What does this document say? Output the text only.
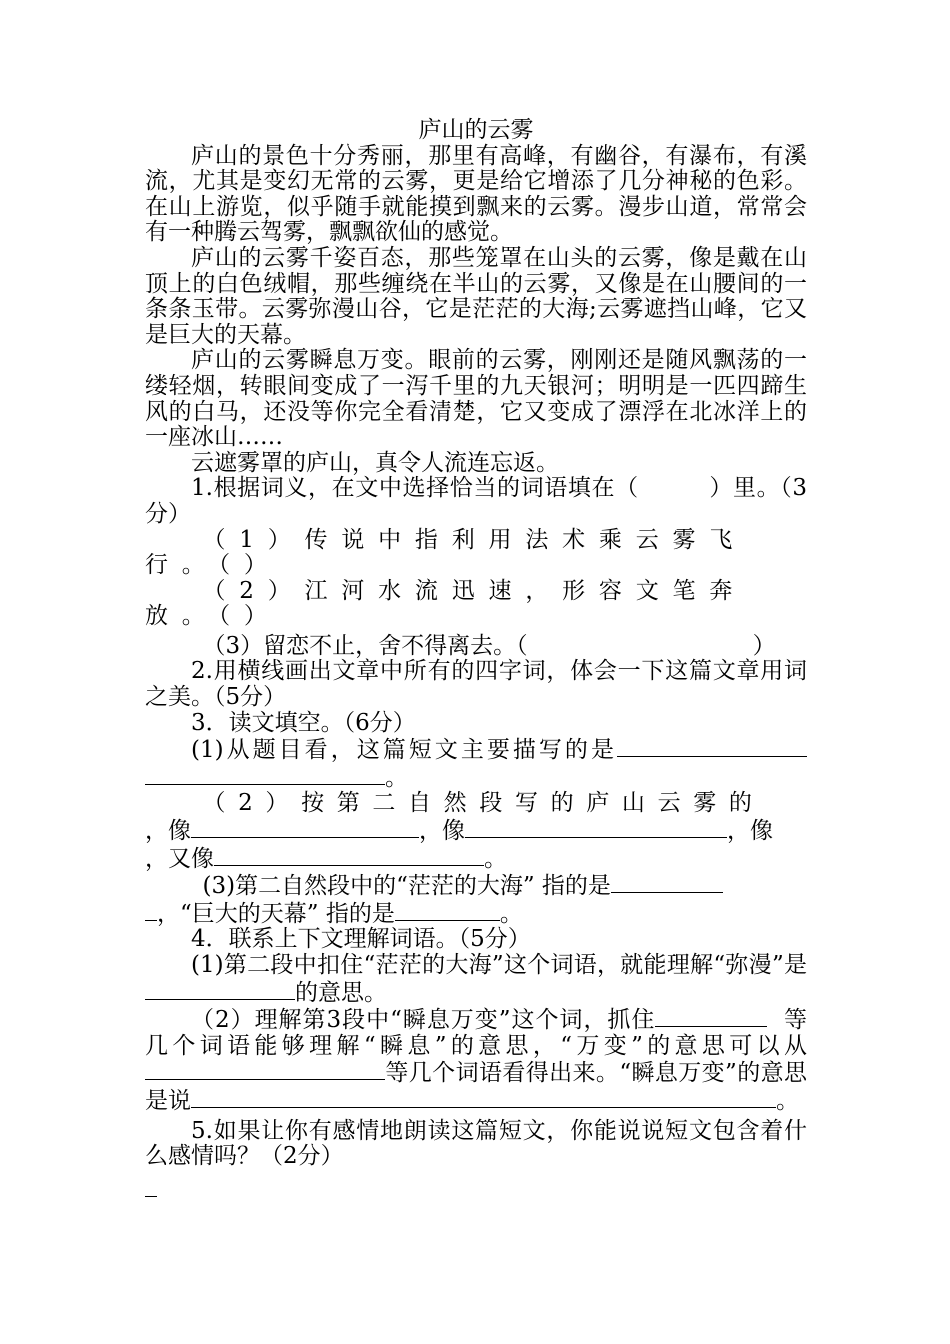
庐山的云雾

庐山的景色十分秀丽，那里有高峰，有幽谷，有瀑布，有溪流，尤其是变幻无常的云雾，更是给它增添了几分神秘的色彩。在山上游览，似乎随手就能摸到飘来的云雾。漫步山道，常常会有一种腾云驾雾，飘飘欲仙的感觉。

庐山的云雾千姿百态，那些笼罩在山头的云雾，像是戴在山顶上的白色绒帽，那些缠绕在半山的云雾，又像是在山腰间的一条条玉带。云雾弥漫山谷，它是茫茫的大海;云雾遮挡山峰，它又是巨大的天幕。

庐山的云雾瞬息万变。眼前的云雾，刚刚还是随风飘荡的一缕轻烟，转眼间变成了一泻千里的九天银河；明明是一匹四蹄生风的白马，还没等你完全看清楚，它又变成了漂浮在北冰洋上的一座冰山……

云遮雾罩的庐山，真令人流连忘返。

1.根据词义，在文中选择恰当的词语填在（	）里。（3分）

（1）传说中指利用法术乘云雾飞行。（）

（2）江河水流迅速，形容文笔奔放。（）

（3）留恋不止，舍不得离去。（	）

2.用横线画出文章中所有的四字词，体会一下这篇文章用词之美。（5分）

3．读文填空。（6分）

(1)从题目看，这篇短文主要描写的是。

（2）按第二自然段写的庐山云雾的

，像	，像	，像

，又像	。

(3)第二自然段中的“茫茫的大海” 指的是

，“巨大的天幕” 指的是	。

4．联系上下文理解词语。（5分）

(1)第二段中扣住“茫茫的大海”这个词语，就能理解“弥漫”是的意思。

（2）理解第3段中“瞬息万变”这个词，抓住	等几个词语能够理解“瞬息”的意思，“万变”的意思可以从等几个词语看得出来。“瞬息万变”的意思是说	。

5.如果让你有感情地朗读这篇短文，你能说说短文包含着什么感情吗？（2分）
